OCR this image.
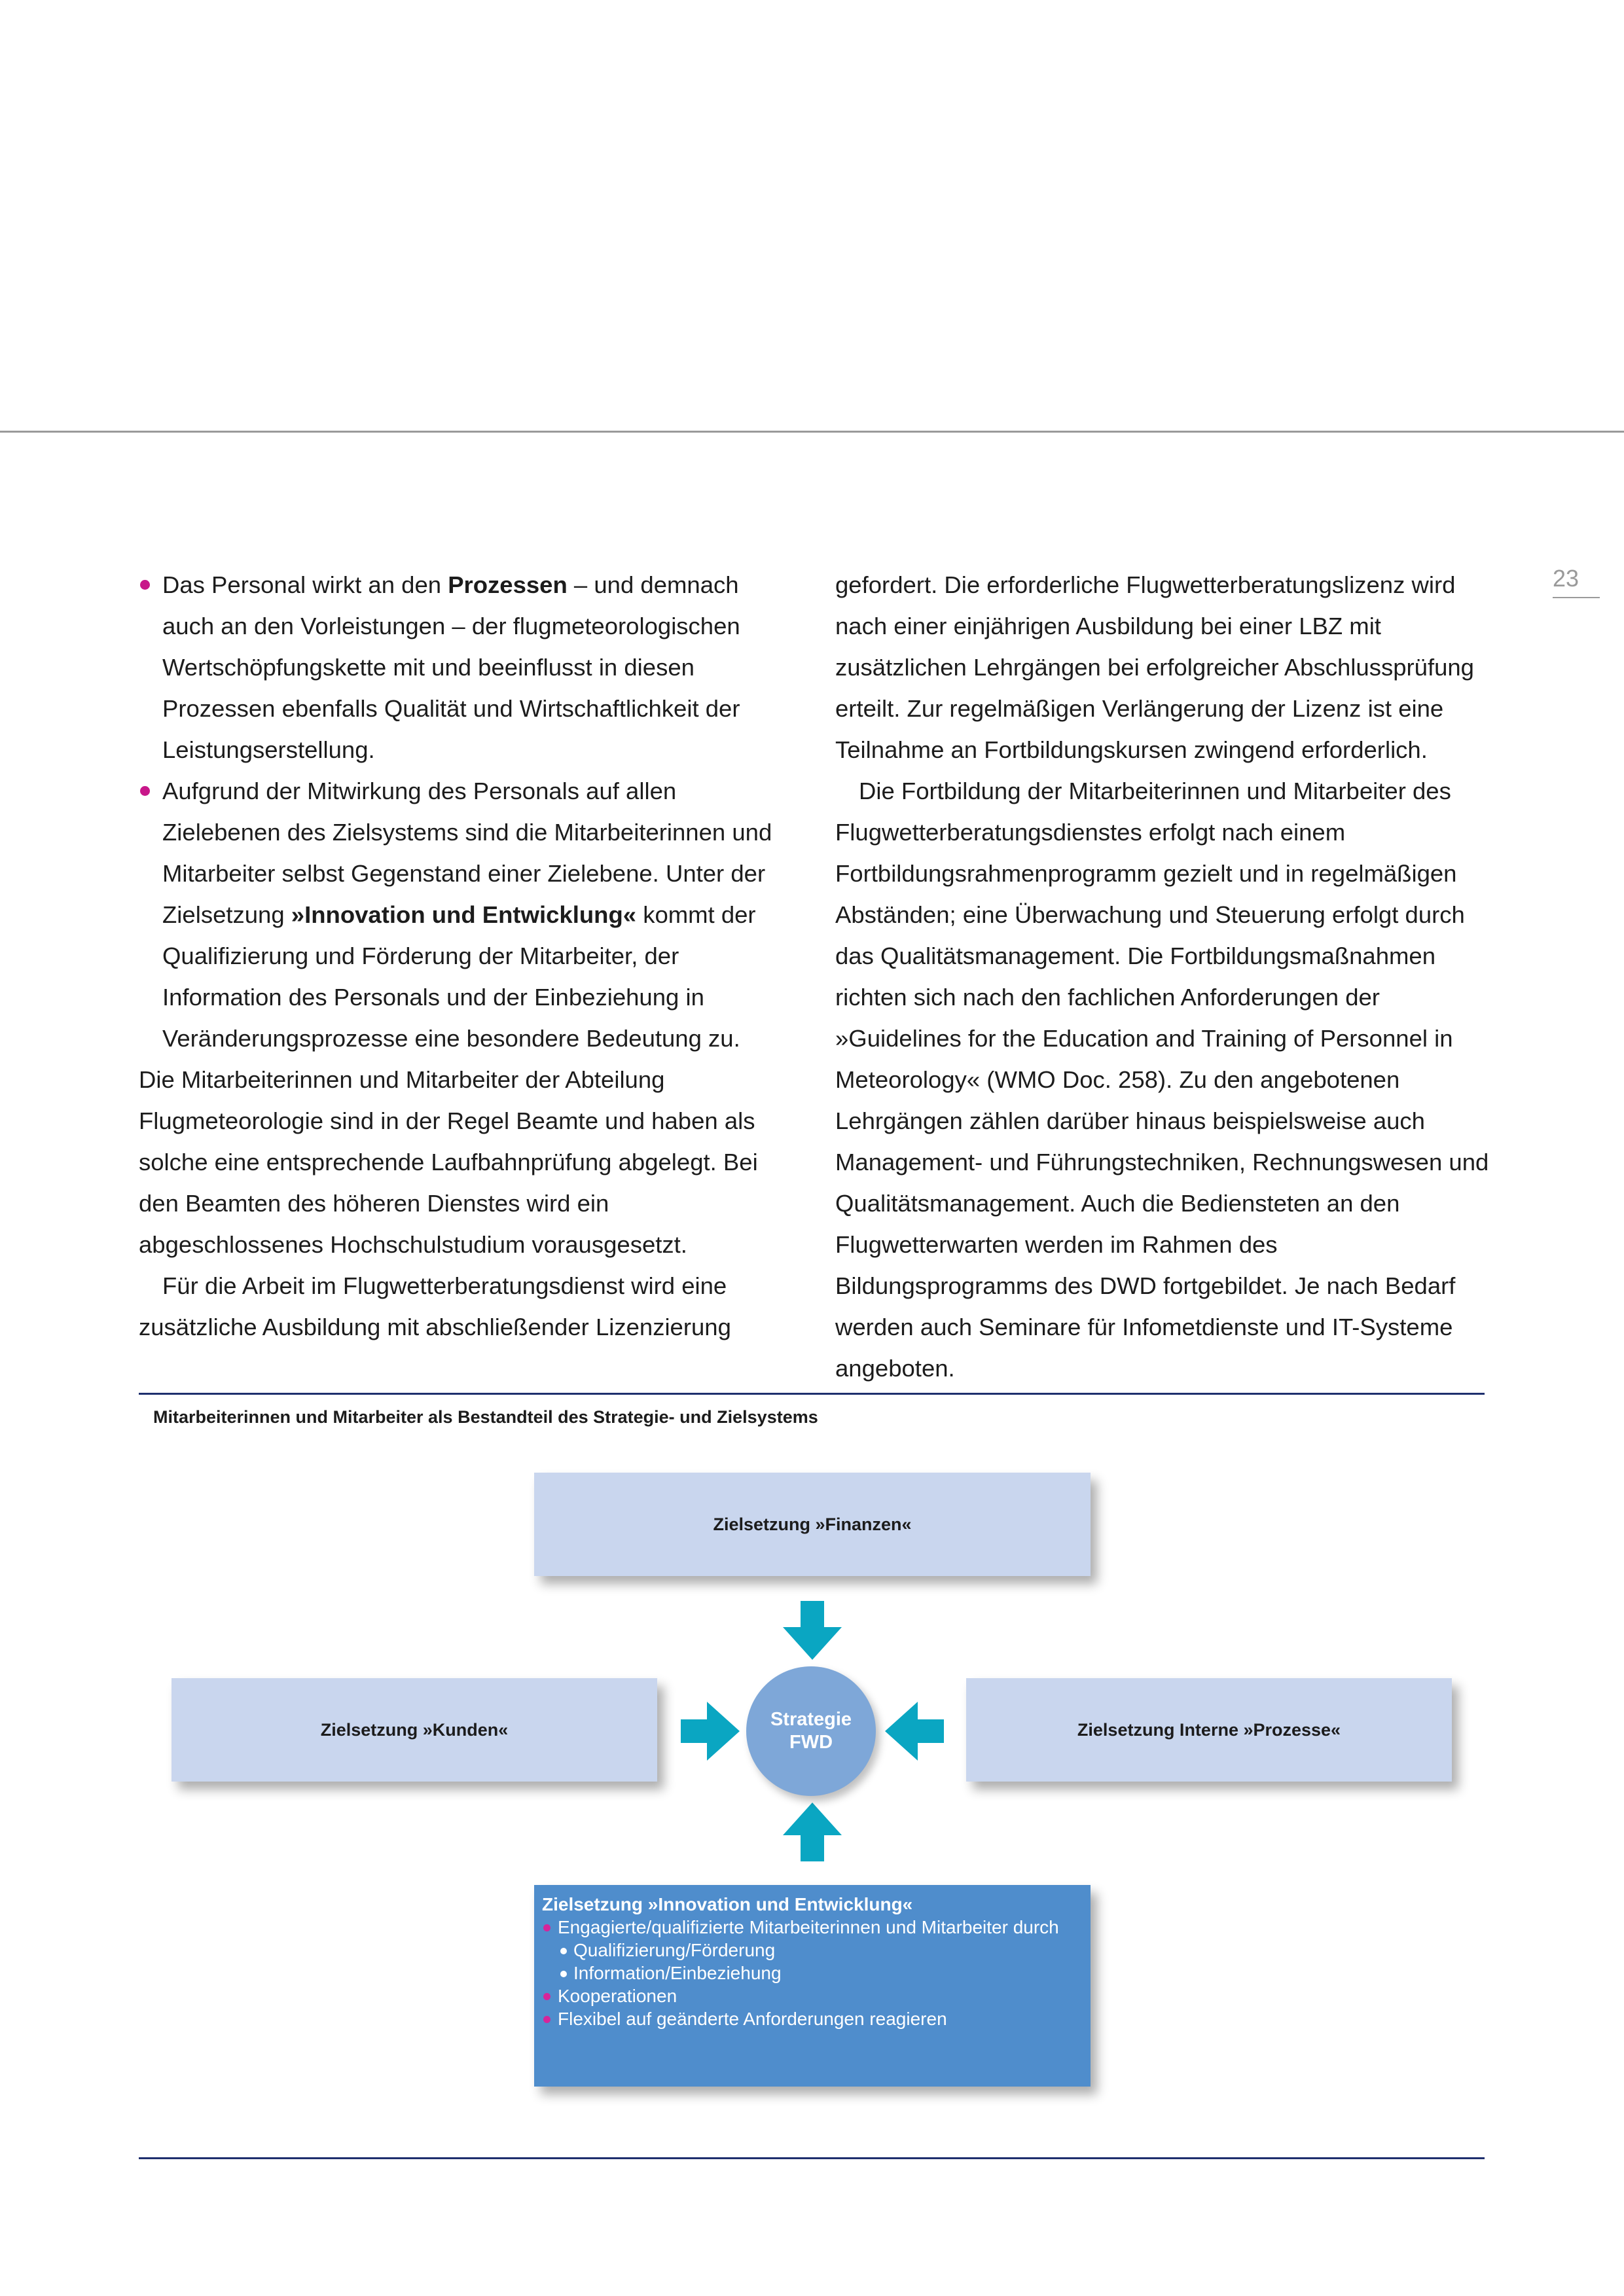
23

Das Personal wirkt an den Prozessen – und demnach auch an den Vorleistungen – der flugmeteorologischen Wertschöpfungskette mit und beeinflusst in diesen Prozessen ebenfalls Qualität und Wirtschaftlichkeit der Leistungserstellung.

Aufgrund der Mitwirkung des Personals auf allen Zielebenen des Zielsystems sind die Mitarbeiterinnen und Mitarbeiter selbst Gegenstand einer Zielebene. Unter der Zielsetzung »Innovation und Entwicklung« kommt der Qualifizierung und Förderung der Mitarbeiter, der Information des Personals und der Einbeziehung in Veränderungsprozesse eine besondere Bedeutung zu.

Die Mitarbeiterinnen und Mitarbeiter der Abteilung Flugmeteorologie sind in der Regel Beamte und haben als solche eine entsprechende Laufbahnprüfung abgelegt. Bei den Beamten des höheren Dienstes wird ein abgeschlossenes Hochschulstudium vorausgesetzt.

Für die Arbeit im Flugwetterberatungsdienst wird eine zusätzliche Ausbildung mit abschließender Lizenzierung

gefordert. Die erforderliche Flugwetterberatungslizenz wird nach einer einjährigen Ausbildung bei einer LBZ mit zusätzlichen Lehrgängen bei erfolgreicher Abschlussprüfung erteilt. Zur regelmäßigen Verlängerung der Lizenz ist eine Teilnahme an Fortbildungskursen zwingend erforderlich.

Die Fortbildung der Mitarbeiterinnen und Mitarbeiter des Flugwetterberatungsdienstes erfolgt nach einem Fortbildungsrahmenprogramm gezielt und in regelmäßigen Abständen; eine Überwachung und Steuerung erfolgt durch das Qualitätsmanagement. Die Fortbildungsmaßnahmen richten sich nach den fachlichen Anforderungen der »Guidelines for the Education and Training of Personnel in Meteorology« (WMO Doc. 258). Zu den angebotenen Lehrgängen zählen darüber hinaus beispielsweise auch Management- und Führungstechniken, Rechnungswesen und Qualitätsmanagement. Auch die Bediensteten an den Flugwetterwarten werden im Rahmen des Bildungsprogramms des DWD fortgebildet. Je nach Bedarf werden auch Seminare für Infometdienste und IT-Systeme angeboten.

Mitarbeiterinnen und Mitarbeiter als Bestandteil des Strategie- und Zielsystems
Zielsetzung »Finanzen«
Zielsetzung »Kunden«	Zielsetzung Interne »Prozesse«
Strategie
FWD
Zielsetzung »Innovation und Entwicklung«
Engagierte/qualifizierte Mitarbeiterinnen und Mitarbeiter durch
Qualifizierung/Förderung
Information/Einbeziehung
Kooperationen
Flexibel auf geänderte Anforderungen reagieren
